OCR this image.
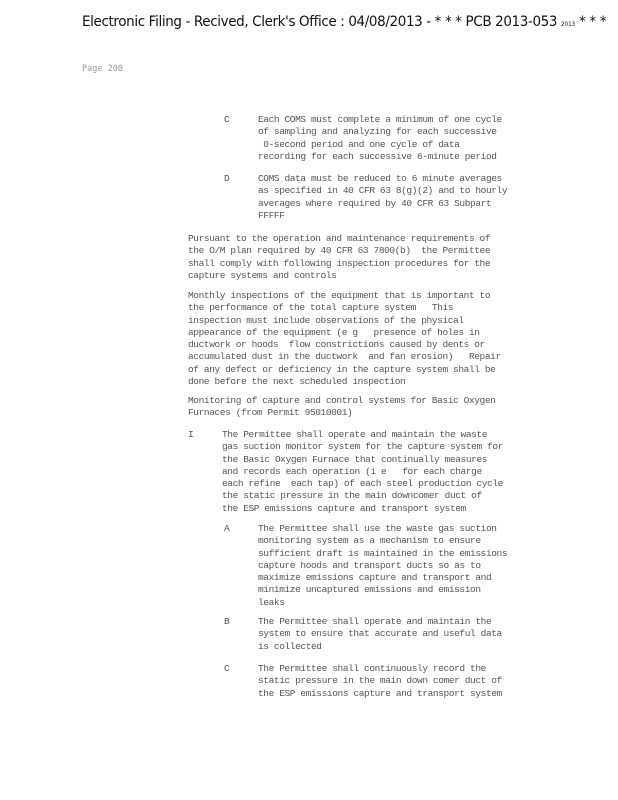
Electronic Filing - Recived, Clerk's Office : 04/08/2013 - * * * PCB 2013-053 2013 * * *
Page 200
C	Each COMS must complete a minimum of one cycle
of sampling and analyzing for each successive
0-second period and one cycle of data
recording for each successive 6-minute period
D	COMS data must be reduced to 6 minute averages
as specified in 40 CFR 63 8(g)(2) and to hourly
averages where required by 40 CFR 63 Subpart
FFFFF
Pursuant to the operation and maintenance requirements of
the O/M plan required by 40 CFR 63 7800(b)  the Permittee
shall comply with following inspection procedures for the
capture systems and controls
Monthly inspections of the equipment that is important to
the performance of the total capture system   This
inspection must include observations of the physical
appearance of the equipment (e g   presence of holes in
ductwork or hoods  flow constrictions caused by dents or
accumulated dust in the ductwork  and fan erosion)   Repair
of any defect or deficiency in the capture system shall be
done before the next scheduled inspection
Monitoring of capture and control systems for Basic Oxygen
Furnaces (from Permit 95010001)
I	The Permittee shall operate and maintain the waste
gas suction monitor system for the capture system for
the Basic Oxygen Furnace that continually measures
and records each operation (i e   for each charge
each refine  each tap) of each steel production cycle
the static pressure in the main downcomer duct of
the ESP emissions capture and transport system
A	The Permittee shall use the waste gas suction
monitoring system as a mechanism to ensure
sufficient draft is maintained in the emissions
capture hoods and transport ducts so as to
maximize emissions capture and transport and
minimize uncaptured emissions and emission
leaks
B	The Permittee shall operate and maintain the
system to ensure that accurate and useful data
is collected
C	The Permittee shall continuously record the
static pressure in the main down comer duct of
the ESP emissions capture and transport system
